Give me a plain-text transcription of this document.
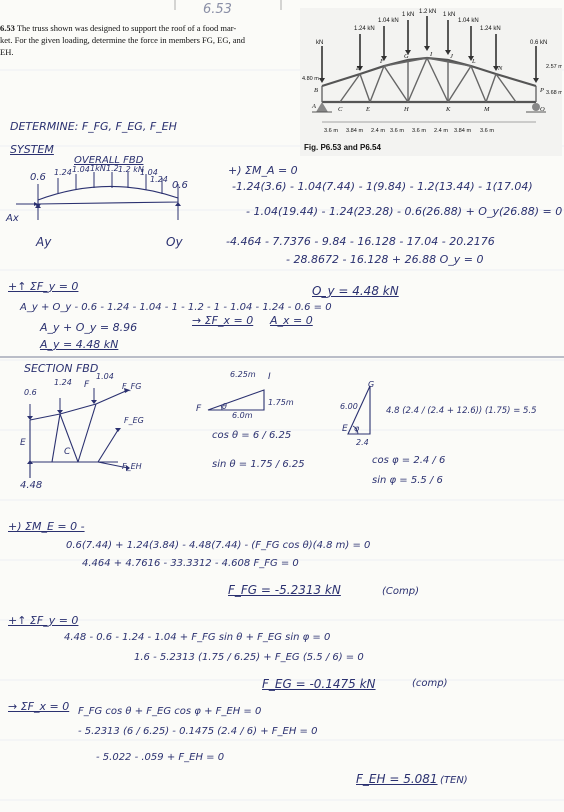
6.53
6.53 The truss shown was designed to support the roof of a food mar-
ket. For the given loading, determine the force in members FG, EG, and
EH.
1.24 kN
1.04 kN
1 kN 1.2 kN 1 kN
1.04 kN
1.24 kN
kN	0.6 kN
A
B
C
D
E
F
G
H
I	J
K
L
M
N
O
P
4.80 m
2.57 m
3.68 m
3.6 m 3.84 m 2.4 m 3.6 m 3.6 m 2.4 m 3.84 m 3.6 m
Fig. P6.53 and P6.54
DETERMINE: F_FG, F_EG, F_EH
SYSTEM
OVERALL FBD
0.6 1.24 1.04 1kN 1.2 1.2 kN
1.04
1.24
0.6
Ax
Ay	Oy
+) ΣM_A = 0
-1.24(3.6) - 1.04(7.44) - 1(9.84) - 1.2(13.44) - 1(17.04)
- 1.04(19.44) - 1.24(23.28) - 0.6(26.88) + O_y(26.88) = 0
-4.464 - 7.7376 - 9.84 - 16.128 - 17.04 - 20.2176
- 28.8672 - 16.128 + 26.88 O_y = 0
O_y = 4.48 kN
+↑ ΣF_y = 0
A_y + O_y - 0.6 - 1.24 - 1.04 - 1 - 1.2 - 1 - 1.04 - 1.24 - 0.6 = 0
A_y + O_y = 8.96
A_y = 4.48 kN
→ ΣF_x = 0 A_x = 0
SECTION FBD
0.6
1.24
1.04
F
E
C
F_FG
F_EG
F_EH
4.48
6.25m
1.75m
6.0m
F
I
θ
cos θ = 6 / 6.25
sin θ = 1.75 / 6.25
G
6.00
E φ
2.4
4.8 (2.4 / (2.4 + 12.6)) (1.75) = 5.5
cos φ = 2.4 / 6
sin φ = 5.5 / 6
+) ΣM_E = 0 -
0.6(7.44) + 1.24(3.84) - 4.48(7.44) - (F_FG cos θ)(4.8 m) = 0
4.464 + 4.7616 - 33.3312 - 4.608 F_FG = 0
F_FG = -5.2313 kN	(Comp)
+↑ ΣF_y = 0
4.48 - 0.6 - 1.24 - 1.04 + F_FG sin θ + F_EG sin φ = 0
1.6 - 5.2313 (1.75 / 6.25) + F_EG (5.5 / 6) = 0
F_EG = -0.1475 kN	(comp)
→ ΣF_x = 0 F_FG cos θ + F_EG cos φ + F_EH = 0
- 5.2313 (6 / 6.25) - 0.1475 (2.4 / 6) + F_EH = 0
- 5.022 - .059 + F_EH = 0
F_EH = 5.081 (TEN)
